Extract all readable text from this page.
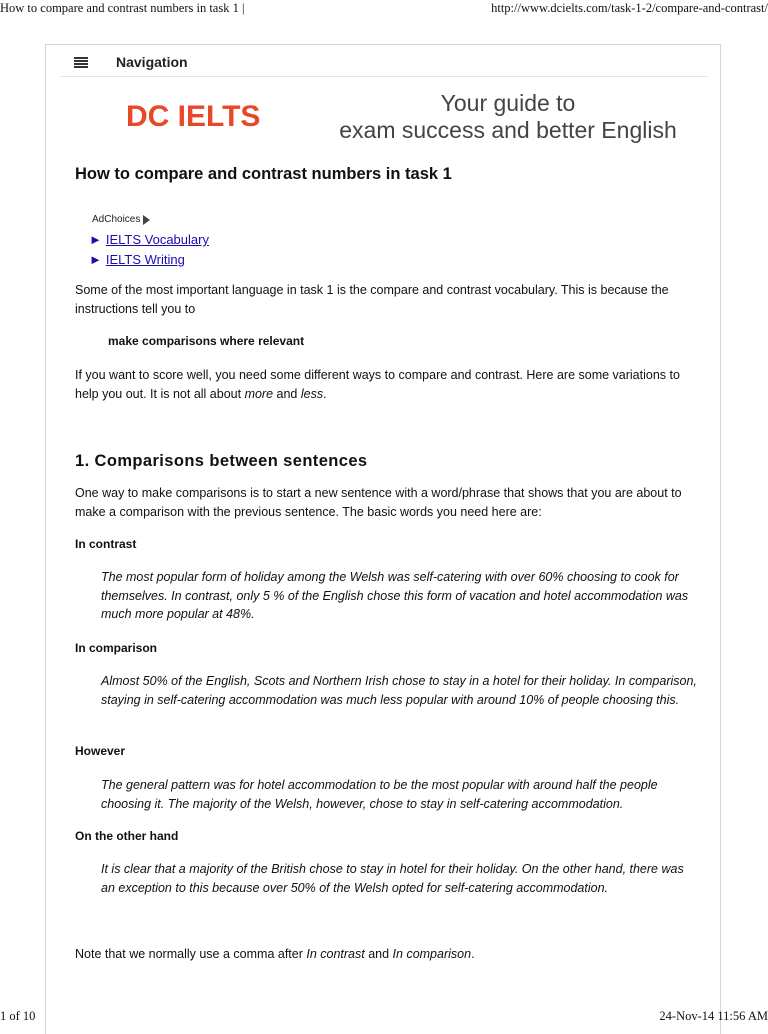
How to compare and contrast numbers in task 1 |	http://www.dcielts.com/task-1-2/compare-and-contrast/
Navigation
DC IELTS	Your guide to
exam success and better English
How to compare and contrast numbers in task 1
AdChoices
► IELTS Vocabulary
► IELTS Writing

Some of the most important language in task 1 is the compare and contrast vocabulary. This is because the instructions tell you to

make comparisons where relevant

If you want to score well, you need some different ways to compare and contrast. Here are some variations to help you out. It is not all about more and less.

1. Comparisons between sentences

One way to make comparisons is to start a new sentence with a word/phrase that shows that you are about to make a comparison with the previous sentence. The basic words you need here are:

In contrast

The most popular form of holiday among the Welsh was self-catering with over 60% choosing to cook for themselves. In contrast, only 5 % of the English chose this form of vacation and hotel accommodation was much more popular at 48%.

In comparison

Almost 50% of the English, Scots and Northern Irish chose to stay in a hotel for their holiday. In comparison, staying in self-catering accommodation was much less popular with around 10% of people choosing this.

However

The general pattern was for hotel accommodation to be the most popular with around half the people choosing it. The majority of the Welsh, however, chose to stay in self-catering accommodation.

On the other hand

It is clear that a majority of the British chose to stay in hotel for their holiday. On the other hand, there was an exception to this because over 50% of the Welsh opted for self-catering accommodation.

Note that we normally use a comma after In contrast and In comparison.

1 of 10	24-Nov-14 11:56 AM
